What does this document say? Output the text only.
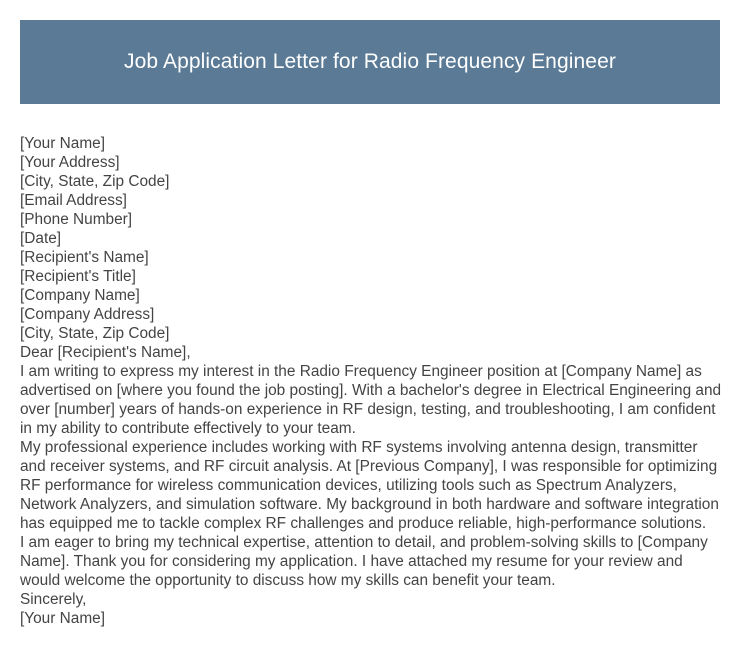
Job Application Letter for Radio Frequency Engineer
[Your Name]
[Your Address]
[City, State, Zip Code]
[Email Address]
[Phone Number]
[Date]
[Recipient's Name]
[Recipient's Title]
[Company Name]
[Company Address]
[City, State, Zip Code]
Dear [Recipient's Name],

I am writing to express my interest in the Radio Frequency Engineer position at [Company Name] as advertised on [where you found the job posting]. With a bachelor's degree in Electrical Engineering and over [number] years of hands-on experience in RF design, testing, and troubleshooting, I am confident in my ability to contribute effectively to your team.

My professional experience includes working with RF systems involving antenna design, transmitter and receiver systems, and RF circuit analysis. At [Previous Company], I was responsible for optimizing RF performance for wireless communication devices, utilizing tools such as Spectrum Analyzers, Network Analyzers, and simulation software. My background in both hardware and software integration has equipped me to tackle complex RF challenges and produce reliable, high-performance solutions.

I am eager to bring my technical expertise, attention to detail, and problem-solving skills to [Company Name]. Thank you for considering my application. I have attached my resume for your review and would welcome the opportunity to discuss how my skills can benefit your team.

Sincerely,
[Your Name]
